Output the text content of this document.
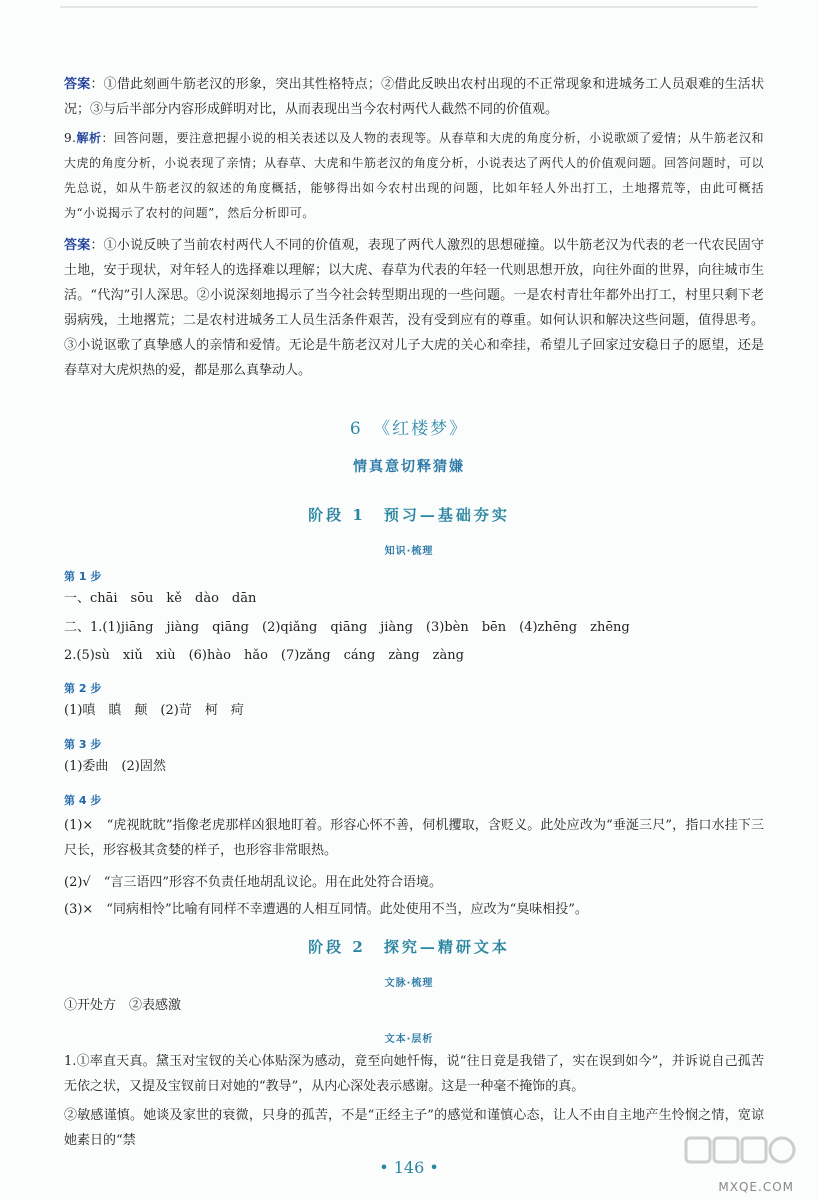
答案：①借此刻画牛筋老汉的形象，突出其性格特点；②借此反映出农村出现的不正常现象和进城务工人员艰难的生活状况；③与后半部分内容形成鲜明对比，从而表现出当今农村两代人截然不同的价值观。

9.解析：回答问题，要注意把握小说的相关表述以及人物的表现等。从春草和大虎的角度分析，小说歌颂了爱情；从牛筋老汉和大虎的角度分析，小说表现了亲情；从春草、大虎和牛筋老汉的角度分析，小说表达了两代人的价值观问题。回答问题时，可以先总说，如从牛筋老汉的叙述的角度概括，能够得出如今农村出现的问题，比如年轻人外出打工，土地撂荒等，由此可概括为“小说揭示了农村的问题”，然后分析即可。

答案：①小说反映了当前农村两代人不同的价值观，表现了两代人激烈的思想碰撞。以牛筋老汉为代表的老一代农民固守土地，安于现状，对年轻人的选择难以理解；以大虎、春草为代表的年轻一代则思想开放，向往外面的世界，向往城市生活。“代沟”引人深思。②小说深刻地揭示了当今社会转型期出现的一些问题。一是农村青壮年都外出打工，村里只剩下老弱病残，土地撂荒；二是农村进城务工人员生活条件艰苦，没有受到应有的尊重。如何认识和解决这些问题，值得思考。③小说讴歌了真挚感人的亲情和爱情。无论是牛筋老汉对儿子大虎的关心和牵挂，希望儿子回家过安稳日子的愿望，还是春草对大虎炽热的爱，都是那么真挚动人。

6　《红楼梦》

情真意切释猜嫌

阶段 1　预习—基础夯实

知识·梳理

第 1 步

一、chāi　sōu　kě　dào　dān

二、1.(1)jiāng　jiàng　qiāng　(2)qiǎng　qiāng　jiàng　(3)bèn　bēn　(4)zhēng　zhēng

2.(5)sù　xiǔ　xiù　(6)hào　hǎo　(7)zǎng　cáng　zàng　zàng

第 2 步

(1)嗔　瞋　颠　(2)苛　柯　疴

第 3 步

(1)委曲　(2)固然

第 4 步

(1)×　“虎视眈眈”指像老虎那样凶狠地盯着。形容心怀不善，伺机攫取，含贬义。此处应改为“垂涎三尺”，指口水挂下三尺长，形容极其贪婪的样子，也形容非常眼热。

(2)√　“言三语四”形容不负责任地胡乱议论。用在此处符合语境。

(3)×　“同病相怜”比喻有同样不幸遭遇的人相互同情。此处使用不当，应改为“臭味相投”。

阶段 2　探究—精研文本

文脉·梳理

①开处方　②表感激

文本·层析

1.①率直天真。黛玉对宝钗的关心体贴深为感动，竟至向她忏悔，说“往日竟是我错了，实在误到如今”，并诉说自己孤苦无依之状，又提及宝钗前日对她的“教导”，从内心深处表示感谢。这是一种毫不掩饰的真。

②敏感谨慎。她谈及家世的衰微，只身的孤苦，不是“正经主子”的感觉和谨慎心态，让人不由自主地产生怜悯之情，宽谅她素日的“禁

• 146 •
MXQE.COM
